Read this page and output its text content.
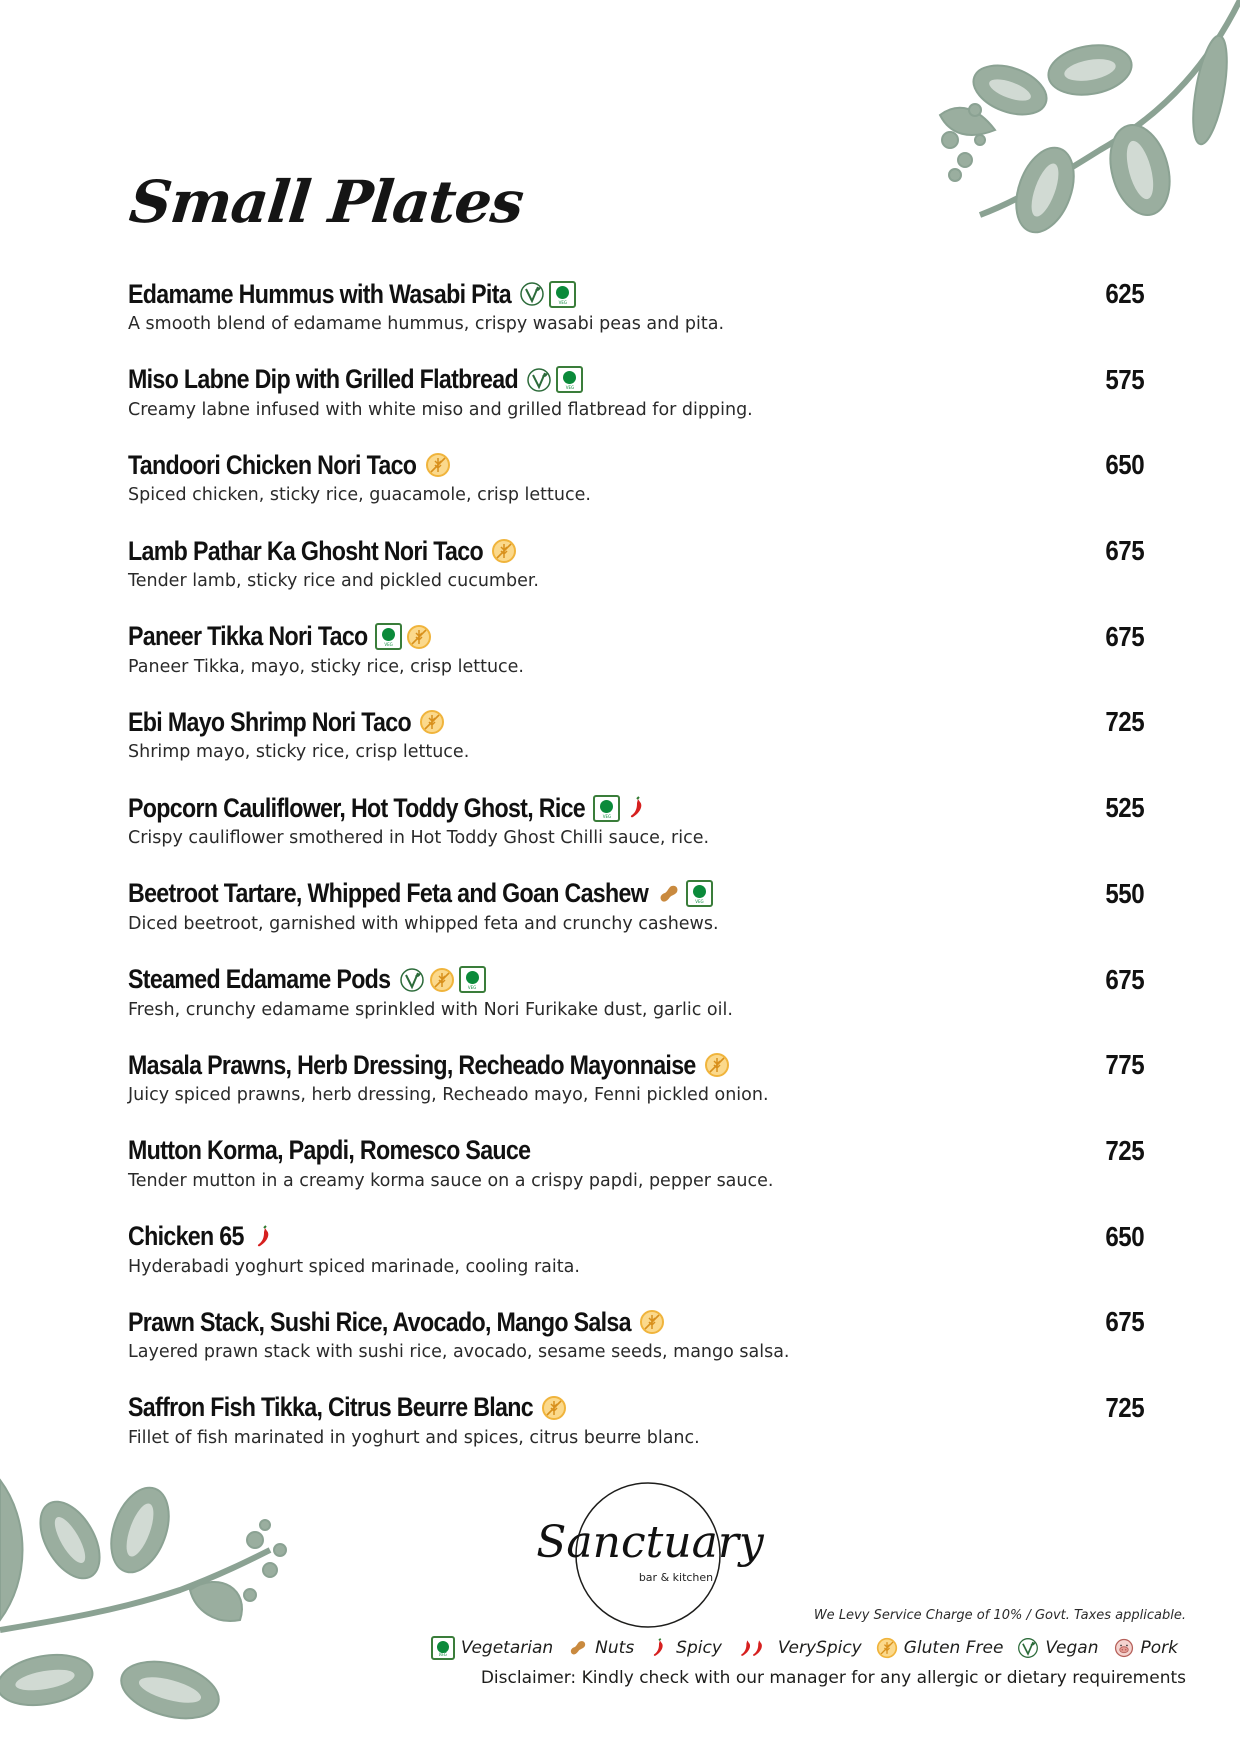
Small Plates
Edamame Hummus with Wasabi Pita VEG	625
A smooth blend of edamame hummus, crispy wasabi peas and pita.
Miso Labne Dip with Grilled Flatbread VEG	575
Creamy labne infused with white miso and grilled flatbread for dipping.
Tandoori Chicken Nori Taco	650
Spiced chicken, sticky rice, guacamole, crisp lettuce.
Lamb Pathar Ka Ghosht Nori Taco	675
Tender lamb, sticky rice and pickled cucumber.
Paneer Tikka Nori Taco VEG	675
Paneer Tikka, mayo, sticky rice, crisp lettuce.
Ebi Mayo Shrimp Nori Taco	725
Shrimp mayo, sticky rice, crisp lettuce.
Popcorn Cauliflower, Hot Toddy Ghost, Rice VEG	525
Crispy cauliflower smothered in Hot Toddy Ghost Chilli sauce, rice.
Beetroot Tartare, Whipped Feta and Goan Cashew VEG	550
Diced beetroot, garnished with whipped feta and crunchy cashews.
Steamed Edamame Pods VEG	675
Fresh, crunchy edamame sprinkled with Nori Furikake dust, garlic oil.
Masala Prawns, Herb Dressing, Recheado Mayonnaise	775
Juicy spiced prawns, herb dressing, Recheado mayo, Fenni pickled onion.
Mutton Korma, Papdi, Romesco Sauce	725
Tender mutton in a creamy korma sauce on a crispy papdi, pepper sauce.
Chicken 65	650
Hyderabadi yoghurt spiced marinade, cooling raita.
Prawn Stack, Sushi Rice, Avocado, Mango Salsa	675
Layered prawn stack with sushi rice, avocado, sesame seeds, mango salsa.
Saffron Fish Tikka, Citrus Beurre Blanc	725
Fillet of fish marinated in yoghurt and spices, citrus beurre blanc.
Sanctuary
bar & kitchen
We Levy Service Charge of 10% / Govt. Taxes applicable.
VEG
Vegetarian Nuts Spicy	VerySpicy Gluten Free Vegan Pork
Disclaimer: Kindly check with our manager for any allergic or dietary requirements
